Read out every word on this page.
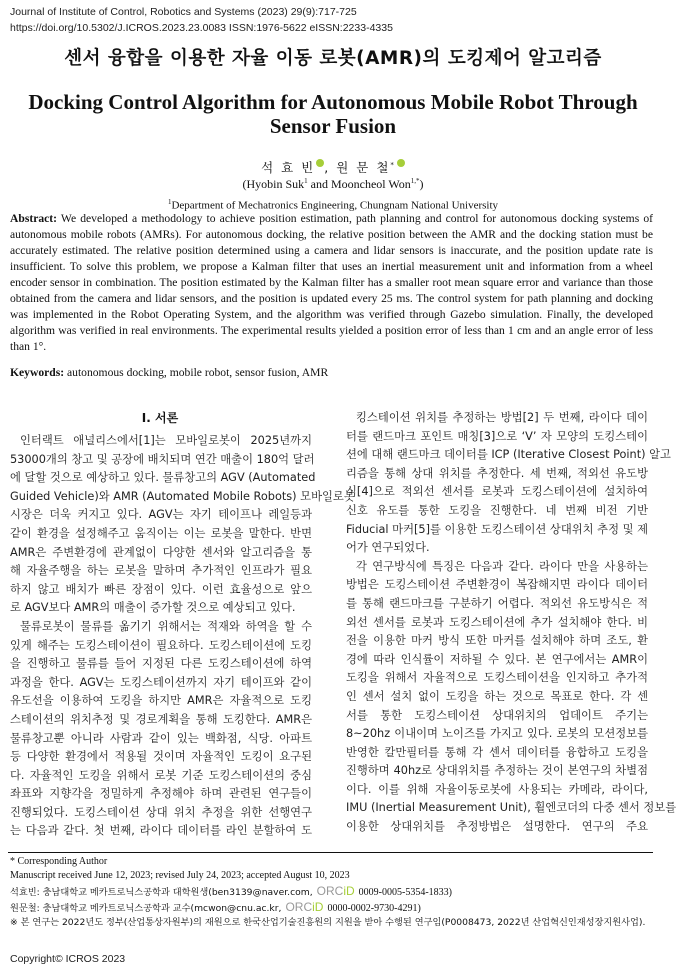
Journal of Institute of Control, Robotics and Systems (2023) 29(9):717-725
https://doi.org/10.5302/J.ICROS.2023.23.0083 ISSN:1976-5622 eISSN:2233-4335
센서 융합을 이용한 자율 이동 로봇(AMR)의 도킹제어 알고리즘
Docking Control Algorithm for Autonomous Mobile Robot Through Sensor Fusion
석 효 빈 , 원 문 철*
(Hyobin Suk$^1$ and Mooncheol Won$^{1,*}$)
$^1$Department of Mechatronics Engineering, Chungnam National University
Abstract: We developed a methodology to achieve position estimation, path planning and control for autonomous docking systems of autonomous mobile robots (AMRs). For autonomous docking, the relative position between the AMR and the docking station must be accurately estimated. The relative position determined using a camera and lidar sensors is inaccurate, and the position update rate is insufficient. To solve this problem, we propose a Kalman filter that uses an inertial measurement unit and information from a wheel encoder sensor in combination. The position estimated by the Kalman filter has a smaller root mean square error and variance than those obtained from the camera and lidar sensors, and the position is updated every 25 ms. The control system for path planning and docking was implemented in the Robot Operating System, and the algorithm was verified through Gazebo simulation. Finally, the developed algorithm was verified in real environments. The experimental results yielded a position error of less than 1 cm and an angle error of less than 1°.
Keywords: autonomous docking, mobile robot, sensor fusion, AMR
I. 서론
인터랙트 애널리스에서[1]는 모바일로봇이 2025년까지
53000개의 창고 및 공장에 배치되며 연간 매출이 180억 달러
에 달할 것으로 예상하고 있다. 물류창고의 AGV (Automated
Guided Vehicle)와 AMR (Automated Mobile Robots) 모바일로봇
시장은 더욱 커지고 있다. AGV는 자기 테이프나 레일등과
같이 환경을 설정해주고 움직이는 이는 로봇을 말한다. 반면
AMR은 주변환경에 관계없이 다양한 센서와 알고리즘을 통
해 자율주행을 하는 로봇을 말하며 추가적인 인프라가 필요
하지 않고 배치가 빠른 장점이 있다. 이런 효율성으로 앞으
로 AGV보다 AMR의 매출이 증가할 것으로 예상되고 있다.
물류로봇이 물류를 옮기기 위해서는 적재와 하역을 할 수
있게 해주는 도킹스테이션이 필요하다. 도킹스테이션에 도킹
을 진행하고 물류를 들어 지정된 다른 도킹스테이션에 하역
과정을 한다. AGV는 도킹스테이션까지 자기 테이프와 같이
유도선을 이용하여 도킹을 하지만 AMR은 자율적으로 도킹
스테이션의 위치추정 및 경로계획을 통해 도킹한다. AMR은
물류창고뿐 아니라 사람과 같이 있는 백화점, 식당. 아파트
등 다양한 환경에서 적용될 것이며 자율적인 도킹이 요구된
다. 자율적인 도킹을 위해서 로봇 기준 도킹스테이션의 중심
좌표와 지향각을 정밀하게 추정해야 하며 관련된 연구들이
진행되었다. 도킹스테이션 상대 위치 추정을 위한 선행연구
는 다음과 같다. 첫 번째, 라이다 데이터를 라인 분할하여 도
킹스테이션 위치를 추정하는 방법[2] 두 번째, 라이다 데이
터를 랜드마크 포인트 매칭[3]으로 ‘V’ 자 모양의 도킹스테이
션에 대해 랜드마크 데이터를 ICP (Iterative Closest Point) 알고
리즘을 통해 상대 위치를 추정한다. 세 번째, 적외선 유도방
식[4]으로 적외선 센서를 로봇과 도킹스테이션에 설치하여
신호 유도를 통한 도킹을 진행한다. 네 번째 비전 기반
Fiducial 마커[5]를 이용한 도킹스테이션 상대위치 추정 및 제
어가 연구되었다.
각 연구방식에 특징은 다음과 같다. 라이다 만을 사용하는
방법은 도킹스테이션 주변환경이 복잡해지면 라이다 데이터
를 통해 랜드마크를 구분하기 어렵다. 적외선 유도방식은 적
외선 센서를 로봇과 도킹스테이션에 추가 설치해야 한다. 비
전을 이용한 마커 방식 또한 마커를 설치해야 하며 조도, 환
경에 따라 인식률이 저하될 수 있다. 본 연구에서는 AMR이
도킹을 위해서 자율적으로 도킹스테이션을 인지하고 추가적
인 센서 설치 없이 도킹을 하는 것으로 목표로 한다. 각 센
서를 통한 도킹스테이션 상대위치의 업데이트 주기는
8~20hz 이내이며 노이즈를 가지고 있다. 로봇의 모션정보를
반영한 칼만필터를 통해 각 센서 데이터를 융합하고 도킹을
진행하며 40hz로 상대위치를 추정하는 것이 본연구의 차별점
이다. 이를 위해 자율이동로봇에 사용되는 카메라, 라이다,
IMU (Inertial Measurement Unit), 휠엔코더의 다중 센서 정보를
이용한 상대위치를 추정방법은 설명한다. 연구의 주요
* Corresponding Author
Manuscript received June 12, 2023; revised July 24, 2023; accepted August 10, 2023
석효빈: 충남대학교 메카트로닉스공학과 대학원생(ben3139@naver.com, ORCiD 0009-0005-5354-1833)
원문철: 충남대학교 메카트로닉스공학과 교수(mcwon@cnu.ac.kr, ORCiD 0000-0002-9730-4291)
※ 본 연구는 2022년도 정부(산업통상자원부)의 재원으로 한국산업기술진흥원의 지원을 받아 수행된 연구임(P0008473, 2022년 산업혁신인재성장지원사업).
Copyright© ICROS 2023
